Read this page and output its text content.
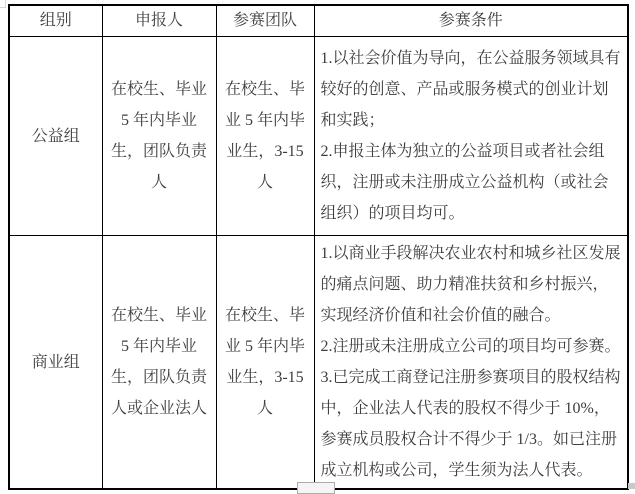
组别	申报人	参赛团队	参赛条件
公益组	在校生、毕业 5 年内毕业生，团队负责人	在校生、毕业 5 年内毕业生，3-15 人	1.以社会价值为导向，在公益服务领域具有较好的创意、产品或服务模式的创业计划和实践；

2.申报主体为独立的公益项目或者社会组织，注册或未注册成立公益机构（或社会组织）的项目均可。

商业组	在校生、毕业 5 年内毕业生，团队负责人或企业法人	在校生、毕业 5 年内毕业生，3-15 人	1.以商业手段解决农业农村和城乡社区发展的痛点问题、助力精准扶贫和乡村振兴，实现经济价值和社会价值的融合。

2.注册或未注册成立公司的项目均可参赛。

3.已完成工商登记注册参赛项目的股权结构中，企业法人代表的股权不得少于 10%，参赛成员股权合计不得少于 1/3。如已注册成立机构或公司，学生须为法人代表。
